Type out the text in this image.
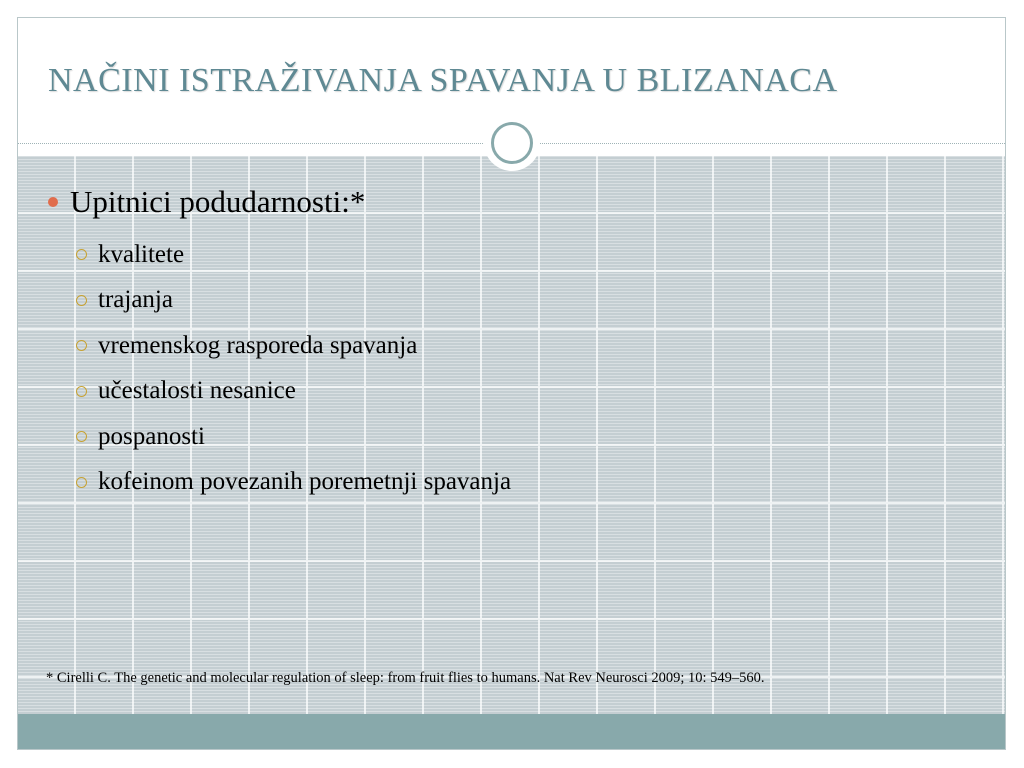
NAČINI ISTRAŽIVANJA SPAVANJA U BLIZANACA
Upitnici podudarnosti:*
kvalitete
trajanja
vremenskog rasporeda spavanja
učestalosti nesanice
pospanosti
kofeinom povezanih poremetnji spavanja
* Cirelli C. The genetic and molecular regulation of sleep: from fruit flies to humans. Nat Rev Neurosci 2009; 10: 549–560.
